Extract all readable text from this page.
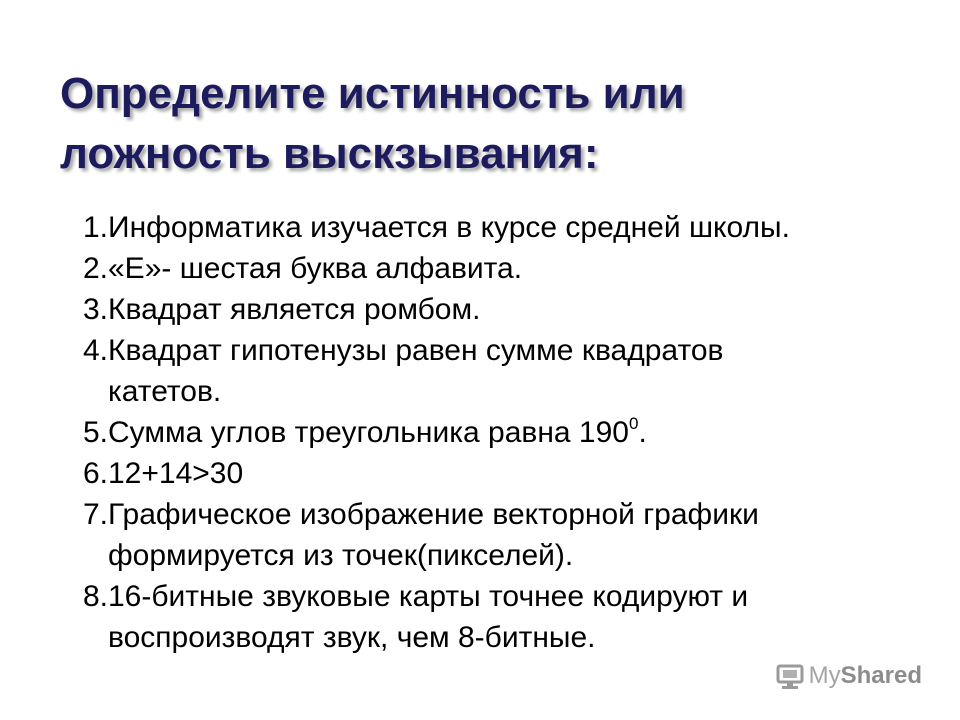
Определите истинность или
ложность выскзывания:
1. Информатика изучается в курсе средней школы.
2. «Е»- шестая буква алфавита.
3. Квадрат является ромбом.
4. Квадрат гипотенузы равен сумме квадратов
катетов.
5. Сумма углов треугольника равна $190^0$.
6. 12+14>30
7. Графическое изображение векторной графики
формируется из точек(пикселей).
8. 16-битные звуковые карты точнее кодируют и
воспроизводят звук, чем 8-битные.
MyShared
